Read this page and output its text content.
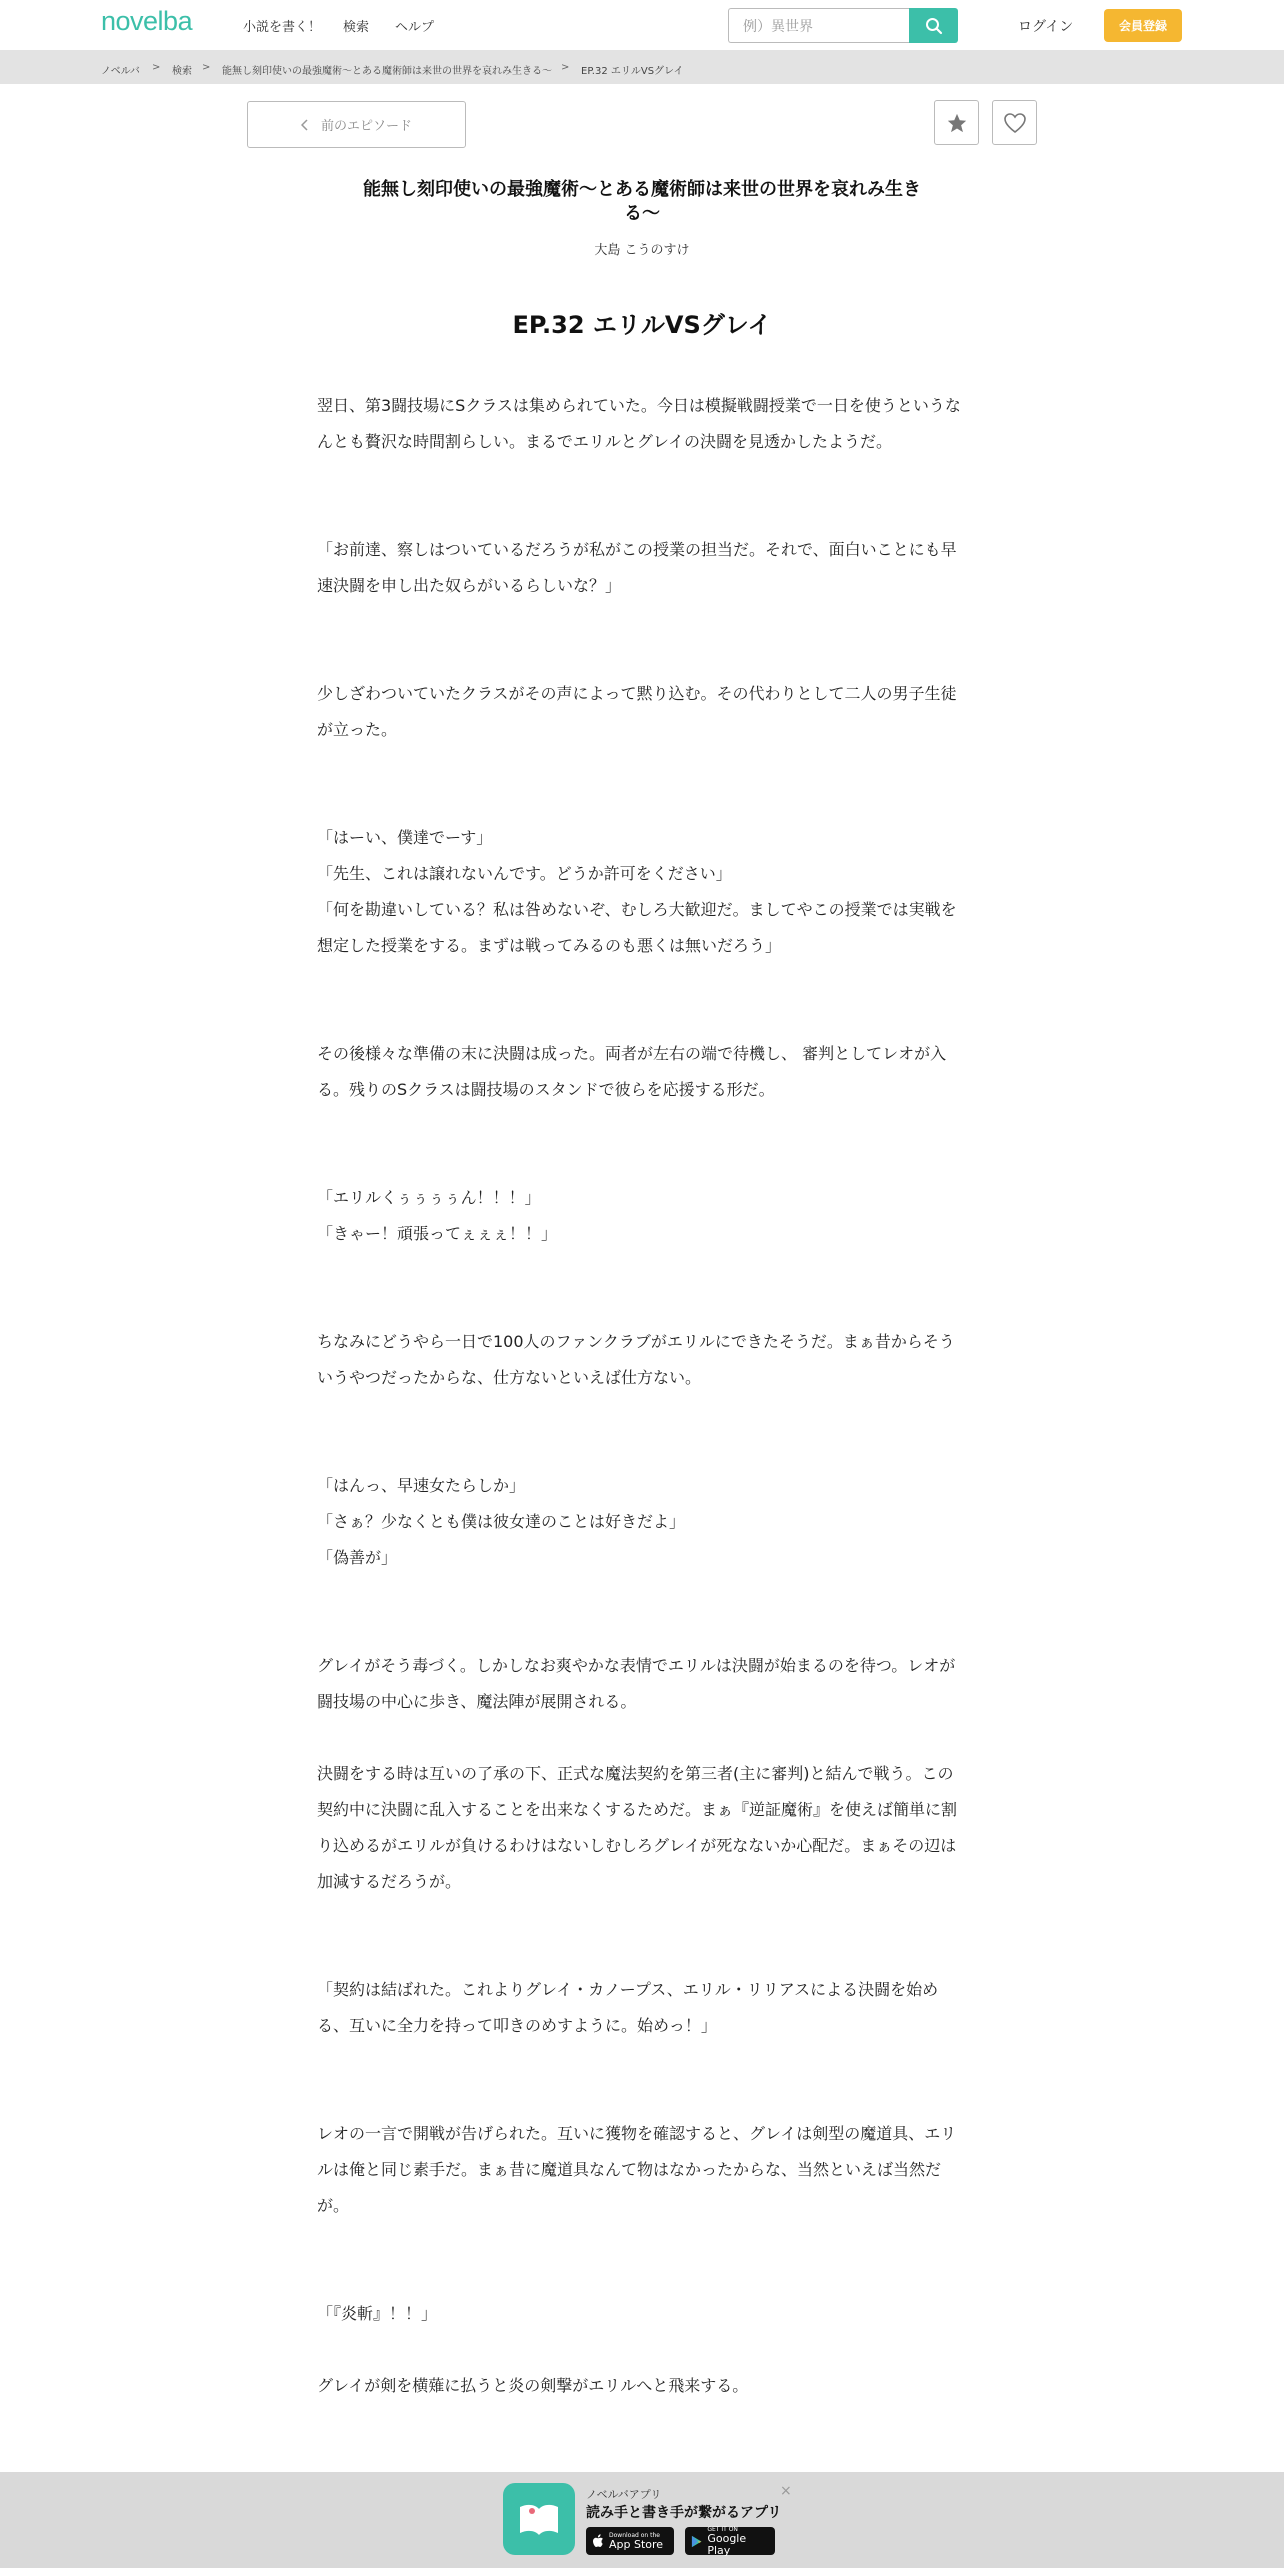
novelba	小説を書く！ 検索 ヘルプ
例）異世界	ログイン	会員登録
ノベルバ > 検索 > 能無し刻印使いの最強魔術〜とある魔術師は来世の世界を哀れみ生きる〜 > EP.32 エリルVSグレイ
前のエピソード
能無し刻印使いの最強魔術〜とある魔術師は来世の世界を哀れみ生きる〜
大島 こうのすけ
EP.32 エリルVSグレイ

翌日、第3闘技場にSクラスは集められていた。今日は模擬戦闘授業で一日を使うというなんとも贅沢な時間割らしい。まるでエリルとグレイの決闘を見透かしたようだ。

「お前達、察しはついているだろうが私がこの授業の担当だ。それで、面白いことにも早速決闘を申し出た奴らがいるらしいな？」

少しざわついていたクラスがその声によって黙り込む。その代わりとして二人の男子生徒が立った。

「はーい、僕達でーす」

「先生、これは譲れないんです。どうか許可をください」

「何を勘違いしている？私は咎めないぞ、むしろ大歓迎だ。ましてやこの授業では実戦を想定した授業をする。まずは戦ってみるのも悪くは無いだろう」

その後様々な準備の末に決闘は成った。両者が左右の端で待機し、 審判としてレオが入る。残りのSクラスは闘技場のスタンドで彼らを応援する形だ。

「エリルくぅぅぅぅん！！！」

「きゃー！頑張ってぇぇぇ！！」

ちなみにどうやら一日で100人のファンクラブがエリルにできたそうだ。まぁ昔からそういうやつだったからな、仕方ないといえば仕方ない。

「はんっ、早速女たらしか」

「さぁ？少なくとも僕は彼女達のことは好きだよ」

「偽善が」

グレイがそう毒づく。しかしなお爽やかな表情でエリルは決闘が始まるのを待つ。レオが闘技場の中心に歩き、魔法陣が展開される。

決闘をする時は互いの了承の下、正式な魔法契約を第三者(主に審判)と結んで戦う。この契約中に決闘に乱入することを出来なくするためだ。まぁ『逆証魔術』を使えば簡単に割り込めるがエリルが負けるわけはないしむしろグレイが死なないか心配だ。まぁその辺は加減するだろうが。

「契約は結ばれた。これよりグレイ・カノープス、エリル・リリアスによる決闘を始める、互いに全力を持って叩きのめすように。始めっ！」

レオの一言で開戦が告げられた。互いに獲物を確認すると、グレイは剣型の魔道具、エリルは俺と同じ素手だ。まぁ昔に魔道具なんて物はなかったからな、当然といえば当然だが。

「『炎斬』！！」

グレイが剣を横薙に払うと炎の剣撃がエリルへと飛来する。

ノベルバアプリ
読み手と書き手が繋がるアプリ
Download on the
App Store
GET IT ON
Google Play
×
